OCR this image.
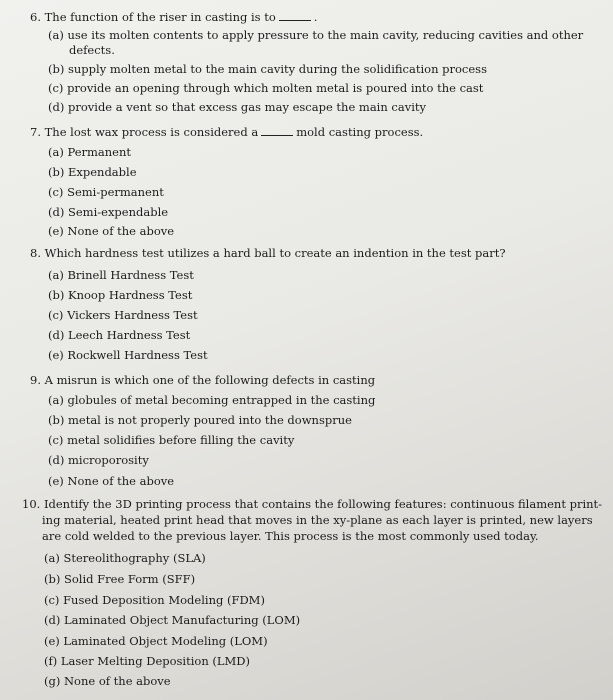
6. The function of the riser in casting is to	.
(a) use its molten contents to apply pressure to the main cavity, reducing cavities and other
defects.
(b) supply molten metal to the main cavity during the solidification process
(c) provide an opening through which molten metal is poured into the cast
(d) provide a vent so that excess gas may escape the main cavity
7. The lost wax process is considered a	mold casting process.
(a) Permanent
(b) Expendable
(c) Semi-permanent
(d) Semi-expendable
(e) None of the above
8. Which hardness test utilizes a hard ball to create an indention in the test part?
(a) Brinell Hardness Test
(b) Knoop Hardness Test
(c) Vickers Hardness Test
(d) Leech Hardness Test
(e) Rockwell Hardness Test
9. A misrun is which one of the following defects in casting
(a) globules of metal becoming entrapped in the casting
(b) metal is not properly poured into the downsprue
(c) metal solidifies before filling the cavity
(d) microporosity
(e) None of the above
10. Identify the 3D printing process that contains the following features: continuous filament print-
ing material, heated print head that moves in the xy-plane as each layer is printed, new layers
are cold welded to the previous layer. This process is the most commonly used today.
(a) Stereolithography (SLA)
(b) Solid Free Form (SFF)
(c) Fused Deposition Modeling (FDM)
(d) Laminated Object Manufacturing (LOM)
(e) Laminated Object Modeling (LOM)
(f) Laser Melting Deposition (LMD)
(g) None of the above
